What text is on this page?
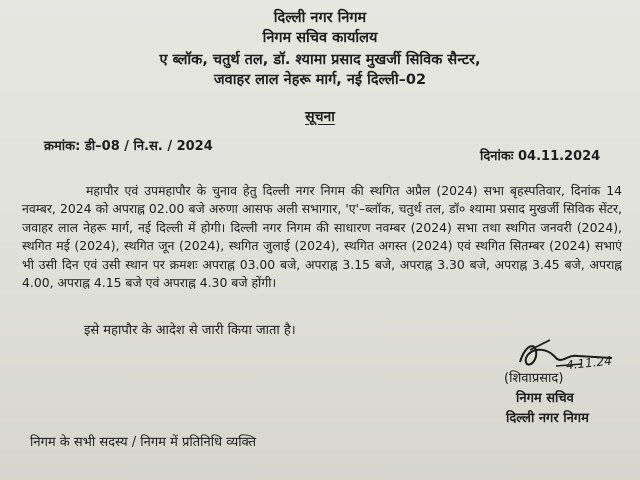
दिल्ली नगर निगम
निगम सचिव कार्यालय
ए ब्लॉक, चतुर्थ तल, डॉ. श्यामा प्रसाद मुखर्जी सिविक सैन्टर,
जवाहर लाल नेहरू मार्ग, नई दिल्ली–02
सूचना
क्रमांक: डी–08 / नि.स. / 2024
दिनांकः 04.11.2024
महापौर एवं उपमहापौर के चुनाव हेतु दिल्ली नगर निगम की स्थगित अप्रैल (2024) सभा बृहस्पतिवार, दिनांक 14 नवम्बर, 2024 को अपराह्न 02.00 बजे अरुणा आसफ अली सभागार, 'ए'–ब्लॉक, चतुर्थ तल, डॉ० श्यामा प्रसाद मुखर्जी सिविक सेंटर, जवाहर लाल नेहरू मार्ग, नई दिल्ली में होगी। दिल्ली नगर निगम की साधारण नवम्बर (2024) सभा तथा स्थगित जनवरी (2024), स्थगित मई (2024), स्थगित जून (2024), स्थगित जुलाई (2024), स्थगित अगस्त (2024) एवं स्थगित सितम्बर (2024) सभाएं भी उसी दिन एवं उसी स्थान पर क्रमशः अपराह्न 03.00 बजे, अपराह्न 3.15 बजे, अपराह्न 3.30 बजे, अपराह्न 3.45 बजे, अपराह्न 4.00, अपराह्न 4.15 बजे एवं अपराह्न 4.30 बजे होंगी।
इसे महापौर के आदेश से जारी किया जाता है।
4.11.24
(शिवाप्रसाद)
निगम सचिव
दिल्ली नगर निगम
निगम के सभी सदस्य / निगम में प्रतिनिधि व्यक्ति
